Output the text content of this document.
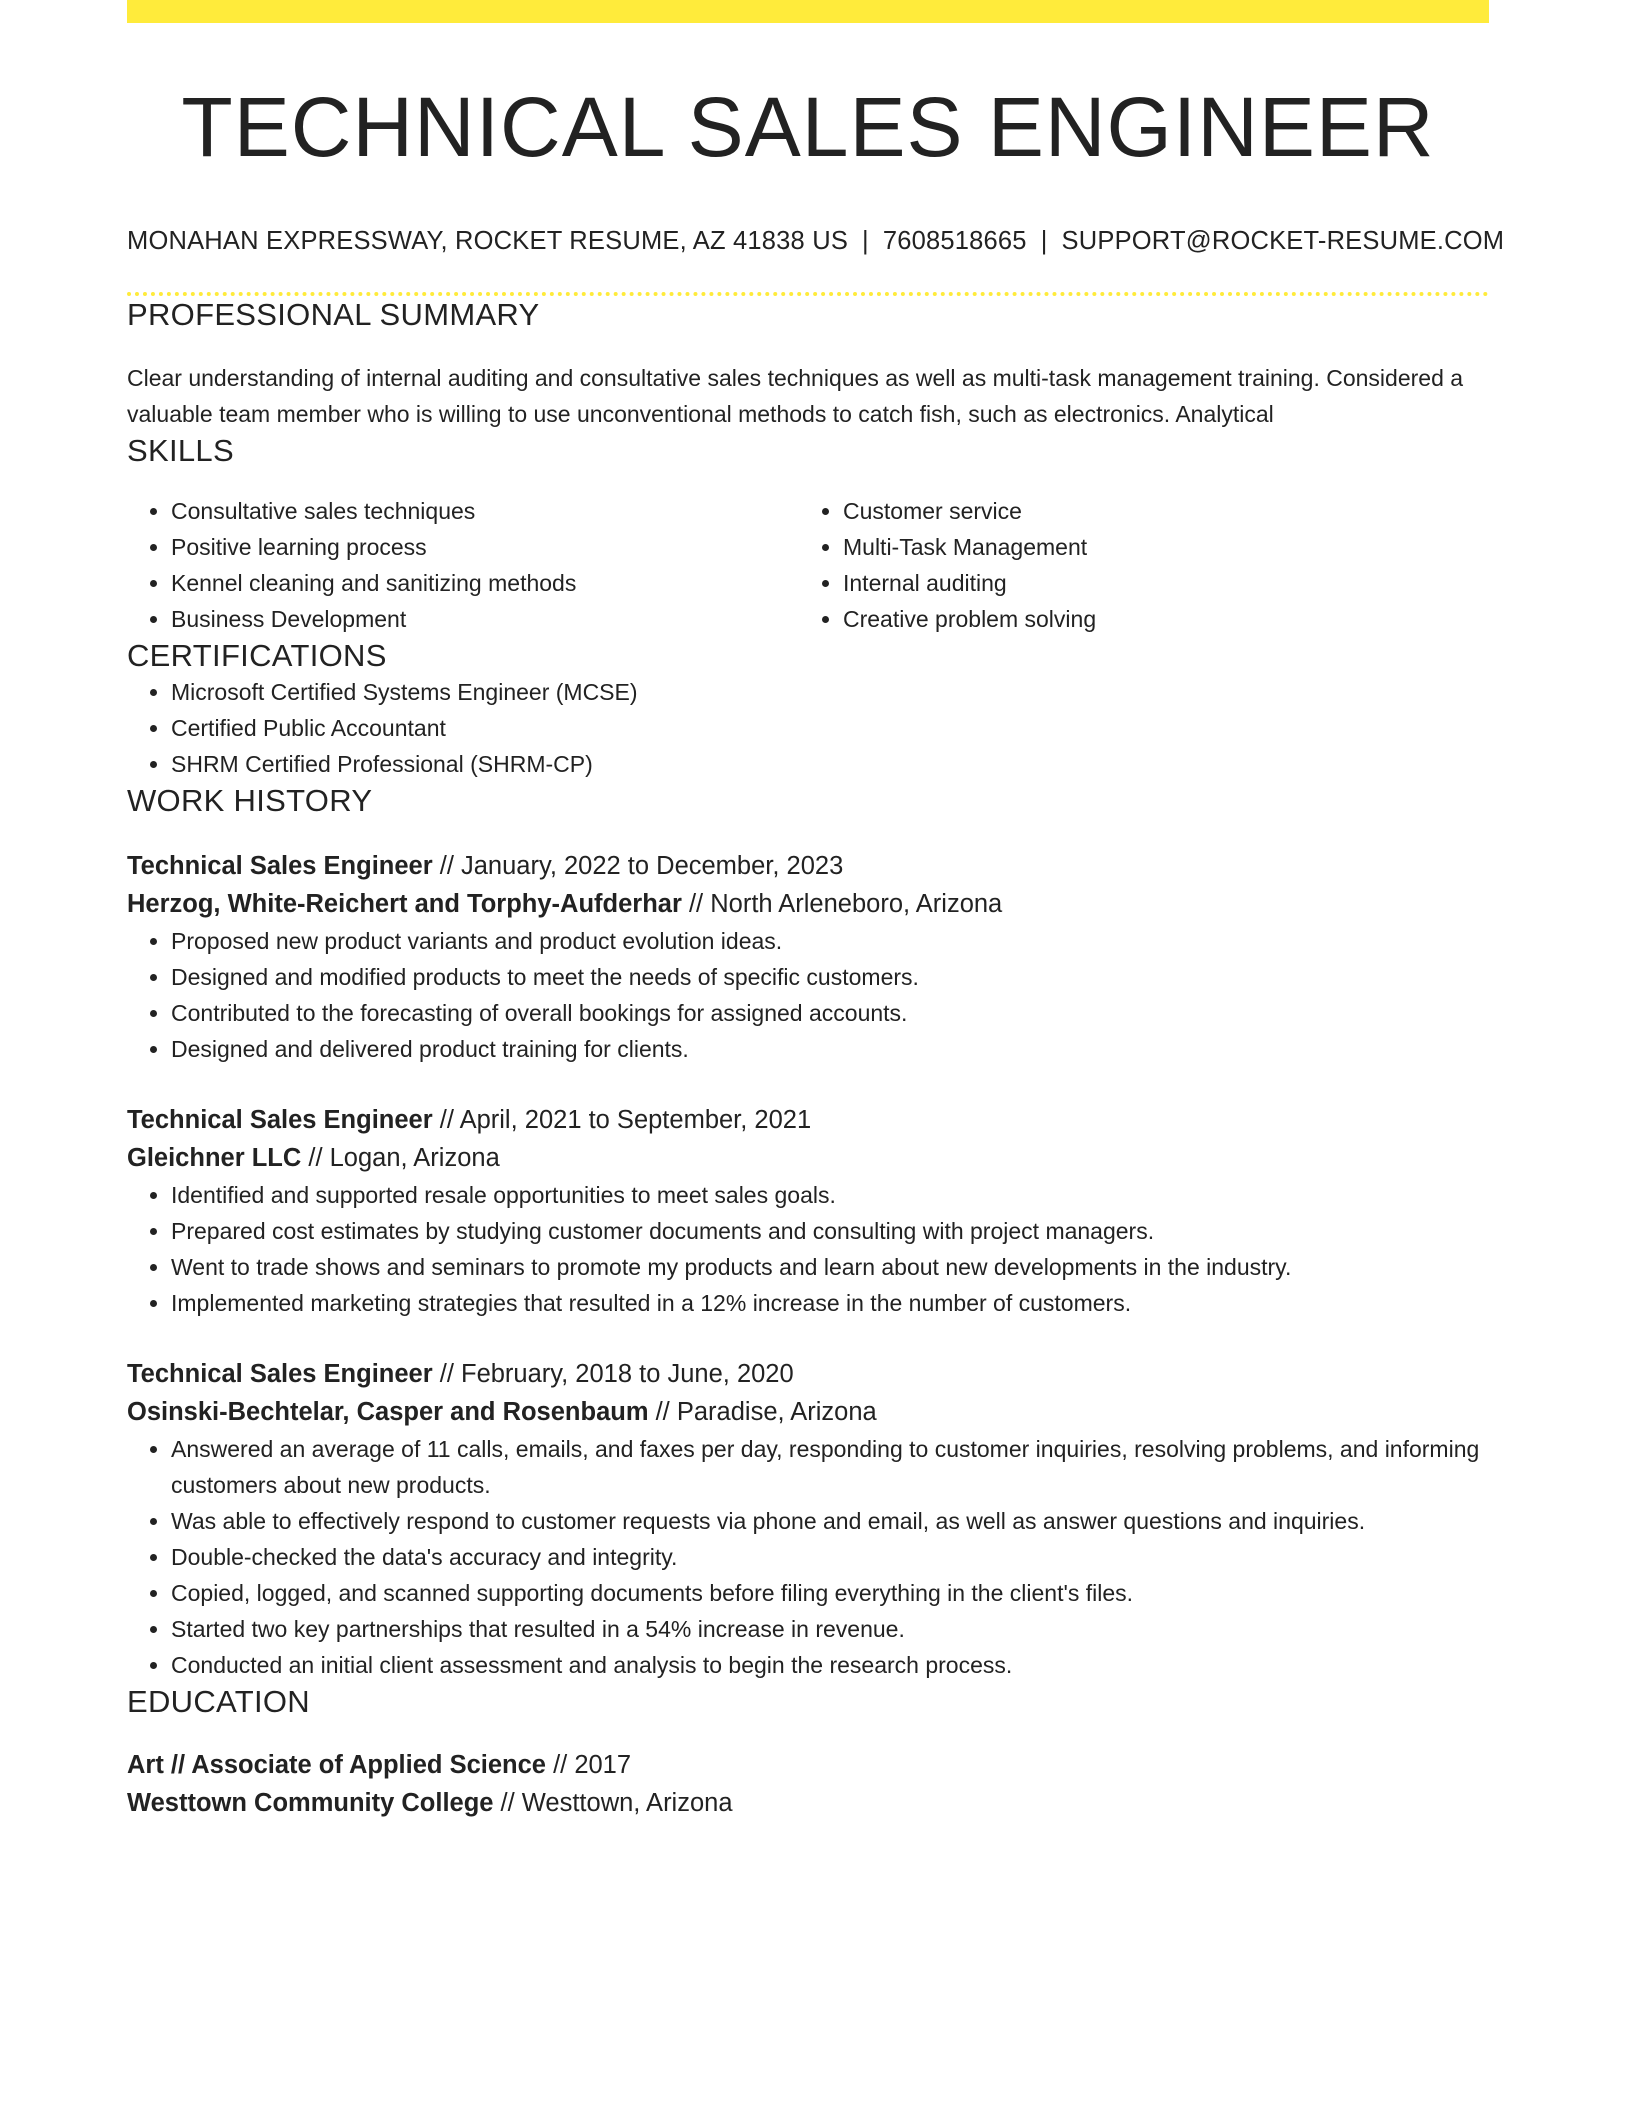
TECHNICAL SALES ENGINEER
MONAHAN EXPRESSWAY, ROCKET RESUME, AZ 41838 US | 7608518665 | SUPPORT@ROCKET-RESUME.COM
PROFESSIONAL SUMMARY
Clear understanding of internal auditing and consultative sales techniques as well as multi-task management training. Considered a valuable team member who is willing to use unconventional methods to catch fish, such as electronics. Analytical
SKILLS
• Consultative sales techniques
• Positive learning process
• Kennel cleaning and sanitizing methods
• Business Development
• Customer service
• Multi-Task Management
• Internal auditing
• Creative problem solving
CERTIFICATIONS
• Microsoft Certified Systems Engineer (MCSE)
• Certified Public Accountant
• SHRM Certified Professional (SHRM-CP)
WORK HISTORY
Technical Sales Engineer // January, 2022 to December, 2023
Herzog, White-Reichert and Torphy-Aufderhar // North Arleneboro, Arizona
• Proposed new product variants and product evolution ideas.
• Designed and modified products to meet the needs of specific customers.
• Contributed to the forecasting of overall bookings for assigned accounts.
• Designed and delivered product training for clients.
Technical Sales Engineer // April, 2021 to September, 2021
Gleichner LLC // Logan, Arizona
• Identified and supported resale opportunities to meet sales goals.
• Prepared cost estimates by studying customer documents and consulting with project managers.
• Went to trade shows and seminars to promote my products and learn about new developments in the industry.
• Implemented marketing strategies that resulted in a 12% increase in the number of customers.
Technical Sales Engineer // February, 2018 to June, 2020
Osinski-Bechtelar, Casper and Rosenbaum // Paradise, Arizona
• Answered an average of 11 calls, emails, and faxes per day, responding to customer inquiries, resolving problems, and informing customers about new products.
• Was able to effectively respond to customer requests via phone and email, as well as answer questions and inquiries.
• Double-checked the data's accuracy and integrity.
• Copied, logged, and scanned supporting documents before filing everything in the client's files.
• Started two key partnerships that resulted in a 54% increase in revenue.
• Conducted an initial client assessment and analysis to begin the research process.
EDUCATION
Art // Associate of Applied Science // 2017
Westtown Community College // Westtown, Arizona
